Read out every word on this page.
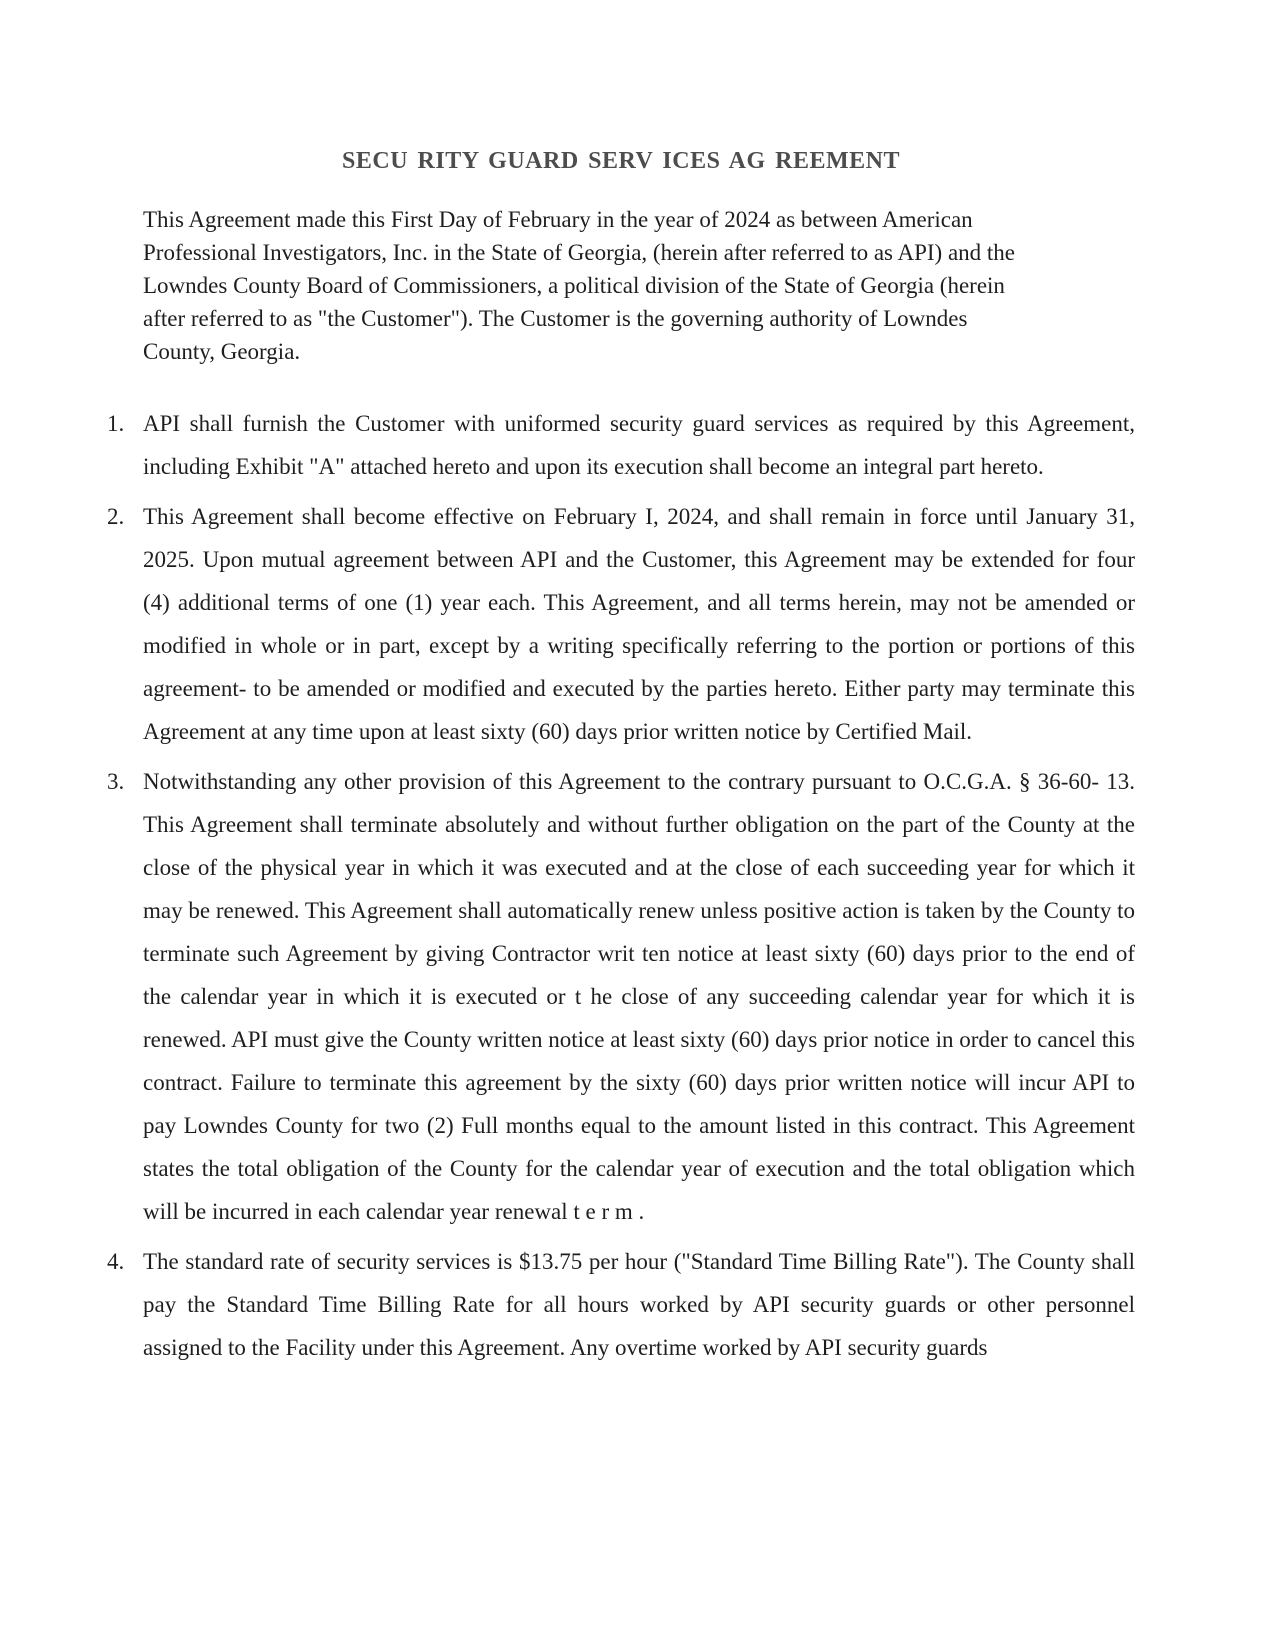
SECU RITY GUARD SERV ICES AG REEMENT

This Agreement made this First Day of February in the year of 2024 as between American Professional Investigators, Inc. in the State of Georgia, (herein after referred to as API) and the Lowndes County Board of Commissioners, a political division of the State of Georgia (herein after referred to as "the Customer"). The Customer is the governing authority of Lowndes County, Georgia.

1. API shall furnish the Customer with uniformed security guard services as required by this Agreement, including Exhibit "A" attached hereto and upon its execution shall become an integral part hereto.
2. This Agreement shall become effective on February I, 2024, and shall remain in force until January 31, 2025. Upon mutual agreement between API and the Customer, this Agreement may be extended for four (4) additional terms of one (1) year each. This Agreement, and all terms herein, may not be amended or modified in whole or in part, except by a writing specifically referring to the portion or portions of this agreement- to be amended or modified and executed by the parties hereto. Either party may terminate this Agreement at any time upon at least sixty (60) days prior written notice by Certified Mail.
3. Notwithstanding any other provision of this Agreement to the contrary pursuant to O.C.G.A. § 36-60- 13. This Agreement shall terminate absolutely and without further obligation on the part of the County at the close of the physical year in which it was executed and at the close of each succeeding year for which it may be renewed. This Agreement shall automatically renew unless positive action is taken by the County to terminate such Agreement by giving Contractor writ ten notice at least sixty (60) days prior to the end of the calendar year in which it is executed or t he close of any succeeding calendar year for which it is renewed. API must give the County written notice at least sixty (60) days prior notice in order to cancel this contract. Failure to terminate this agreement by the sixty (60) days prior written notice will incur API to pay Lowndes County for two (2) Full months equal to the amount listed in this contract. This Agreement states the total obligation of the County for the calendar year of execution and the total obligation which will be incurred in each calendar year renewal t e r m .
4. The standard rate of security services is $13.75 per hour ("Standard Time Billing Rate"). The County shall pay the Standard Time Billing Rate for all hours worked by API security guards or other personnel assigned to the Facility under this Agreement. Any overtime worked by API security guards
